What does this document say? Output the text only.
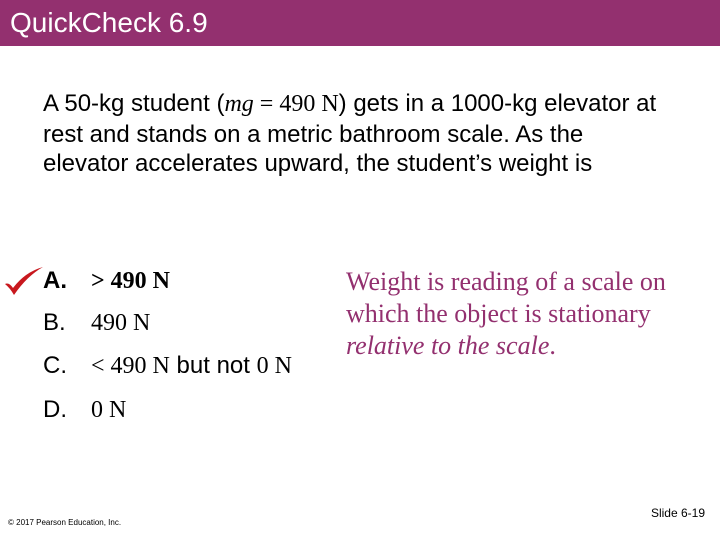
QuickCheck 6.9
A 50-kg student (mg = 490 N) gets in a 1000-kg elevator at rest and stands on a metric bathroom scale. As the elevator accelerates upward, the student’s weight is
A. > 490 N
B. 490 N
C. < 490 N but not 0 N
D. 0 N
Weight is reading of a scale on which the object is stationary relative to the scale.
© 2017 Pearson Education, Inc.
Slide 6-19
